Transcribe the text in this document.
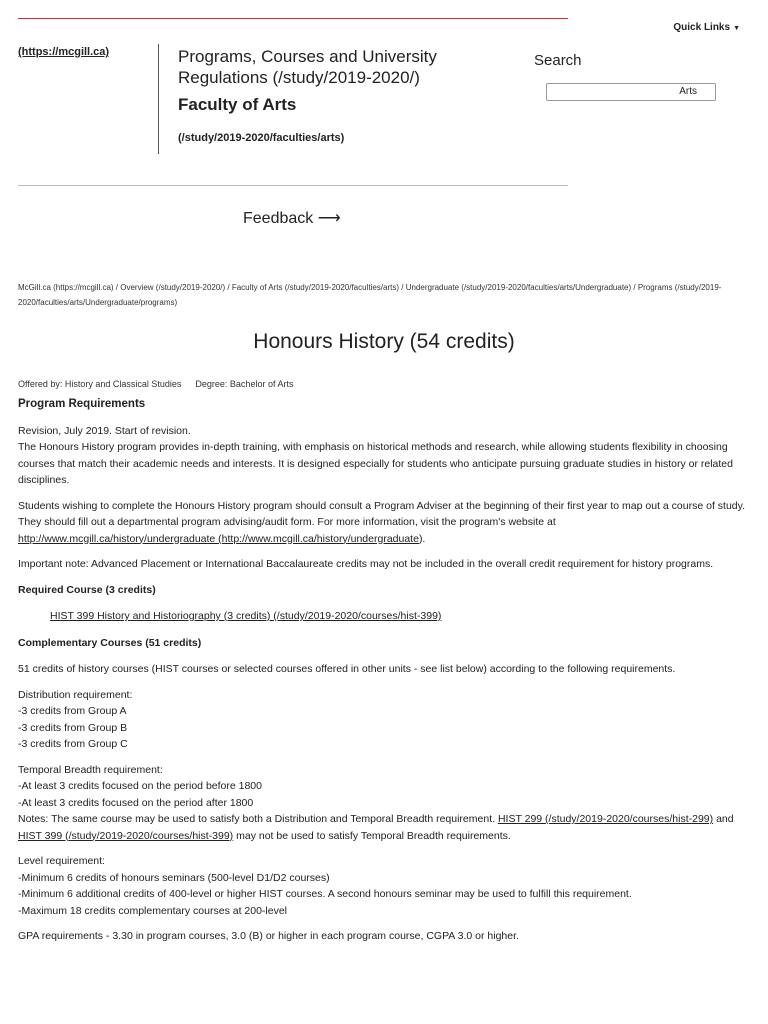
Quick Links ▼
(https://mcgill.ca)	Programs, Courses and University Regulations (/study/2019-2020/)
Faculty of Arts
(/study/2019-2020/faculties/arts)
Search
Arts
Feedback ⟶
McGill.ca (https://mcgill.ca) / Overview (/study/2019-2020/) / Faculty of Arts (/study/2019-2020/faculties/arts) / Undergraduate (/study/2019-2020/faculties/arts/Undergraduate) / Programs (/study/2019-2020/faculties/arts/Undergraduate/programs)
Honours History (54 credits)
Offered by: History and Classical Studies Degree: Bachelor of Arts
Program Requirements

Revision, July 2019. Start of revision.
The Honours History program provides in-depth training, with emphasis on historical methods and research, while allowing students flexibility in choosing courses that match their academic needs and interests. It is designed especially for students who anticipate pursuing graduate studies in history or related disciplines.

Students wishing to complete the Honours History program should consult a Program Adviser at the beginning of their first year to map out a course of study. They should fill out a departmental program advising/audit form. For more information, visit the program's website at http://www.mcgill.ca/history/undergraduate (http://www.mcgill.ca/history/undergraduate).

Important note: Advanced Placement or International Baccalaureate credits may not be included in the overall credit requirement for history programs.

Required Course (3 credits)

HIST 399 History and Historiography (3 credits) (/study/2019-2020/courses/hist-399)

Complementary Courses (51 credits)

51 credits of history courses (HIST courses or selected courses offered in other units - see list below) according to the following requirements.

Distribution requirement:
-3 credits from Group A
-3 credits from Group B
-3 credits from Group C

Temporal Breadth requirement:
-At least 3 credits focused on the period before 1800
-At least 3 credits focused on the period after 1800
Notes: The same course may be used to satisfy both a Distribution and Temporal Breadth requirement. HIST 299 (/study/2019-2020/courses/hist-299) and HIST 399 (/study/2019-2020/courses/hist-399) may not be used to satisfy Temporal Breadth requirements.

Level requirement:
-Minimum 6 credits of honours seminars (500-level D1/D2 courses)
-Minimum 6 additional credits of 400-level or higher HIST courses. A second honours seminar may be used to fulfill this requirement.
-Maximum 18 credits complementary courses at 200-level

GPA requirements - 3.30 in program courses, 3.0 (B) or higher in each program course, CGPA 3.0 or higher.
